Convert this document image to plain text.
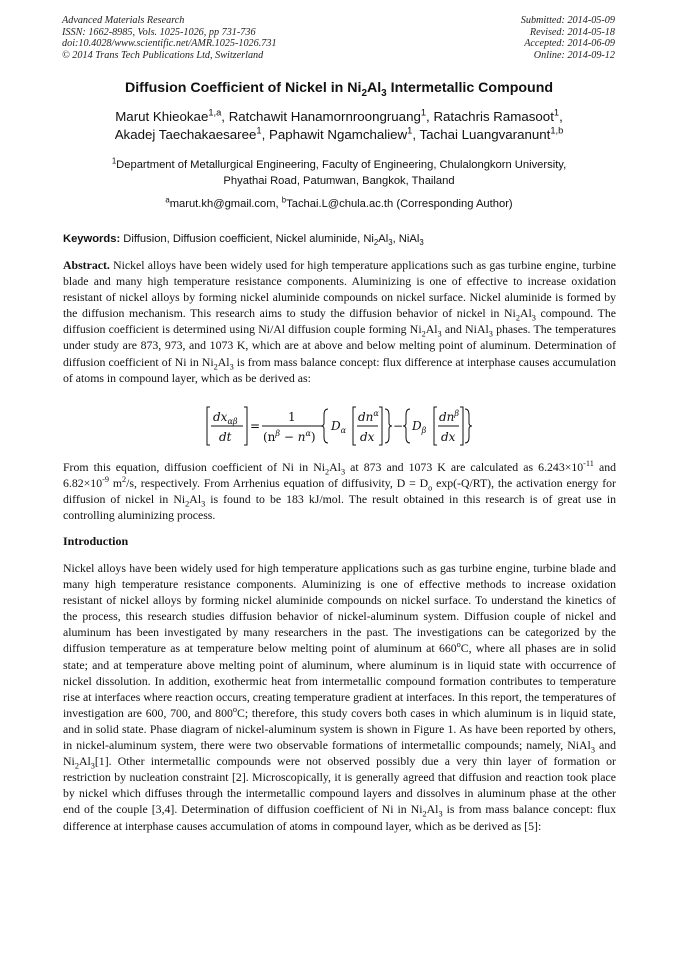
Advanced Materials Research
ISSN: 1662-8985, Vols. 1025-1026, pp 731-736
doi:10.4028/www.scientific.net/AMR.1025-1026.731
© 2014 Trans Tech Publications Ltd, Switzerland
Submitted: 2014-05-09
Revised: 2014-05-18
Accepted: 2014-06-09
Online: 2014-09-12
Diffusion Coefficient of Nickel in $Ni_2Al_3$ Intermetallic Compound
Marut Khieokae$^{1,a}$, Ratchawit Hanamornroongruang$^1$, Ratachris Ramasoot$^1$,
Akadej Taechakaesaree$^1$, Paphawit Ngamchaliew$^1$, Tachai Luangvaranunt$^{1,b}$
$^1$Department of Metallurgical Engineering, Faculty of Engineering, Chulalongkorn University,
Phyathai Road, Patumwan, Bangkok, Thailand
$^a$marut.kh@gmail.com, $^b$Tachai.L@chula.ac.th (Corresponding Author)
Keywords: Diffusion, Diffusion coefficient, Nickel aluminide, $Ni_2Al_3$, NiAl$_3$
Abstract. Nickel alloys have been widely used for high temperature applications such as gas turbine engine, turbine blade and many high temperature resistance components. Aluminizing is one of effective to increase oxidation resistant of nickel alloys by forming nickel aluminide compounds on nickel surface. Nickel aluminide is formed by the diffusion mechanism. This research aims to study the diffusion behavior of nickel in $Ni_2Al_3$ compound. The diffusion coefficient is determined using Ni/Al diffusion couple forming $Ni_2Al_3$ and NiAl$_3$ phases. The temperatures under study are 873, 973, and 1073 K, which are at above and below melting point of aluminum. Determination of diffusion coefficient of Ni in $Ni_2Al_3$ is from mass balance concept: flux difference at interphase causes accumulation of atoms in compound layer, which as be derived as:
$dx_{\alpha\beta}$
dt
=
1
$(n^\beta - n^\alpha)$
$D_\alpha$
$dn^\alpha$
dx
− $D_\beta$
$dn^\beta$
dx
From this equation, diffusion coefficient of Ni in $Ni_2Al_3$ at 873 and 1073 K are calculated as $6.243\times 10^{-11}$ and $6.82\times 10^{-9}$ $m^2/s$, respectively. From Arrhenius equation of diffusivity, $D = D_o$ exp(-Q/RT), the activation energy for diffusion of nickel in $Ni_2Al_3$ is found to be 183 kJ/mol. The result obtained in this research is of great use in controlling aluminizing process.
Introduction
Nickel alloys have been widely used for high temperature applications such as gas turbine engine, turbine blade and many high temperature resistance components. Aluminizing is one of effective methods to increase oxidation resistant of nickel alloys by forming nickel aluminide compounds on nickel surface. To understand the kinetics of the process, this research studies diffusion behavior of nickel-aluminum system. Diffusion couple of nickel and aluminum has been investigated by many researchers in the past. The investigations can be categorized by the diffusion temperature as at temperature below melting point of aluminum at 660$^o$C, where all phases are in solid state; and at temperature above melting point of aluminum, where aluminum is in liquid state with occurrence of nickel dissolution. In addition, exothermic heat from intermetallic compound formation contributes to temperature rise at interfaces where reaction occurs, creating temperature gradient at interfaces. In this report, the temperatures of investigation are 600, 700, and 800$^o$C; therefore, this study covers both cases in which aluminum is in liquid state, and in solid state. Phase diagram of nickel-aluminum system is shown in Figure 1. As have been reported by others, in nickel-aluminum system, there were two observable formations of intermetallic compounds; namely, NiAl$_3$ and $Ni_2Al_3[1]$. Other intermetallic compounds were not observed possibly due a very thin layer of formation or restriction by nucleation constraint [2]. Microscopically, it is generally agreed that diffusion and reaction took place by nickel which diffuses through the intermetallic compound layers and dissolves in aluminum phase at the other end of the couple [3,4]. Determination of diffusion coefficient of Ni in $Ni_2Al_3$ is from mass balance concept: flux difference at interphase causes accumulation of atoms in compound layer, which as be derived as [5]:
